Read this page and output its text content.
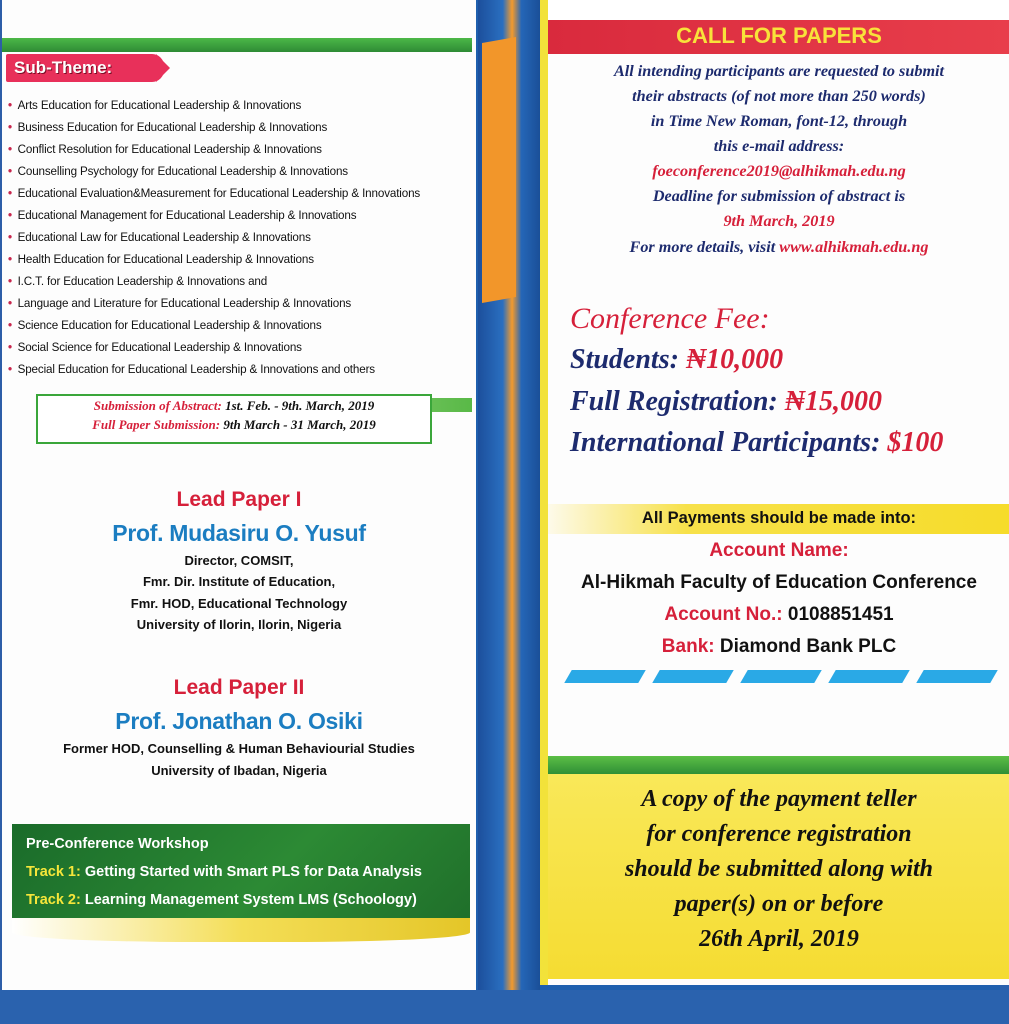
Sub-Theme:
• Arts Education for Educational Leadership & Innovations
• Business Education for Educational Leadership & Innovations
• Conflict Resolution for Educational Leadership & Innovations
• Counselling Psychology for Educational Leadership & Innovations
• Educational Evaluation&Measurement for Educational Leadership & Innovations
• Educational Management for Educational Leadership & Innovations
• Educational Law for Educational Leadership & Innovations
• Health Education for Educational Leadership & Innovations
• I.C.T. for Education Leadership & Innovations and
• Language and Literature for Educational Leadership & Innovations
• Science Education for Educational Leadership & Innovations
• Social Science for Educational Leadership & Innovations
• Special Education for Educational Leadership & Innovations and others
Submission of Abstract: 1st. Feb. - 9th. March, 2019
Full Paper Submission: 9th March - 31 March, 2019
Lead Paper I
Prof. Mudasiru O. Yusuf
Director, COMSIT,
Fmr. Dir. Institute of Education,
Fmr. HOD, Educational Technology
University of Ilorin, Ilorin, Nigeria
Lead Paper II
Prof. Jonathan O. Osiki
Former HOD, Counselling & Human Behaviourial Studies
University of Ibadan, Nigeria
Pre-Conference Workshop
Track 1: Getting Started with Smart PLS for Data Analysis
Track 2: Learning Management System LMS (Schoology)
CALL FOR PAPERS
All intending participants are requested to submit
their abstracts (of not more than 250 words)
in Time New Roman, font-12, through
this e-mail address:
foeconference2019@alhikmah.edu.ng
Deadline for submission of abstract is
9th March, 2019
For more details, visit www.alhikmah.edu.ng
Conference Fee:
Students: ₦10,000
Full Registration: ₦15,000
International Participants: $100
All Payments should be made into:
Account Name:
Al-Hikmah Faculty of Education Conference
Account No.: 0108851451
Bank: Diamond Bank PLC
A copy of the payment teller
for conference registration
should be submitted along with
paper(s) on or before
26th April, 2019
